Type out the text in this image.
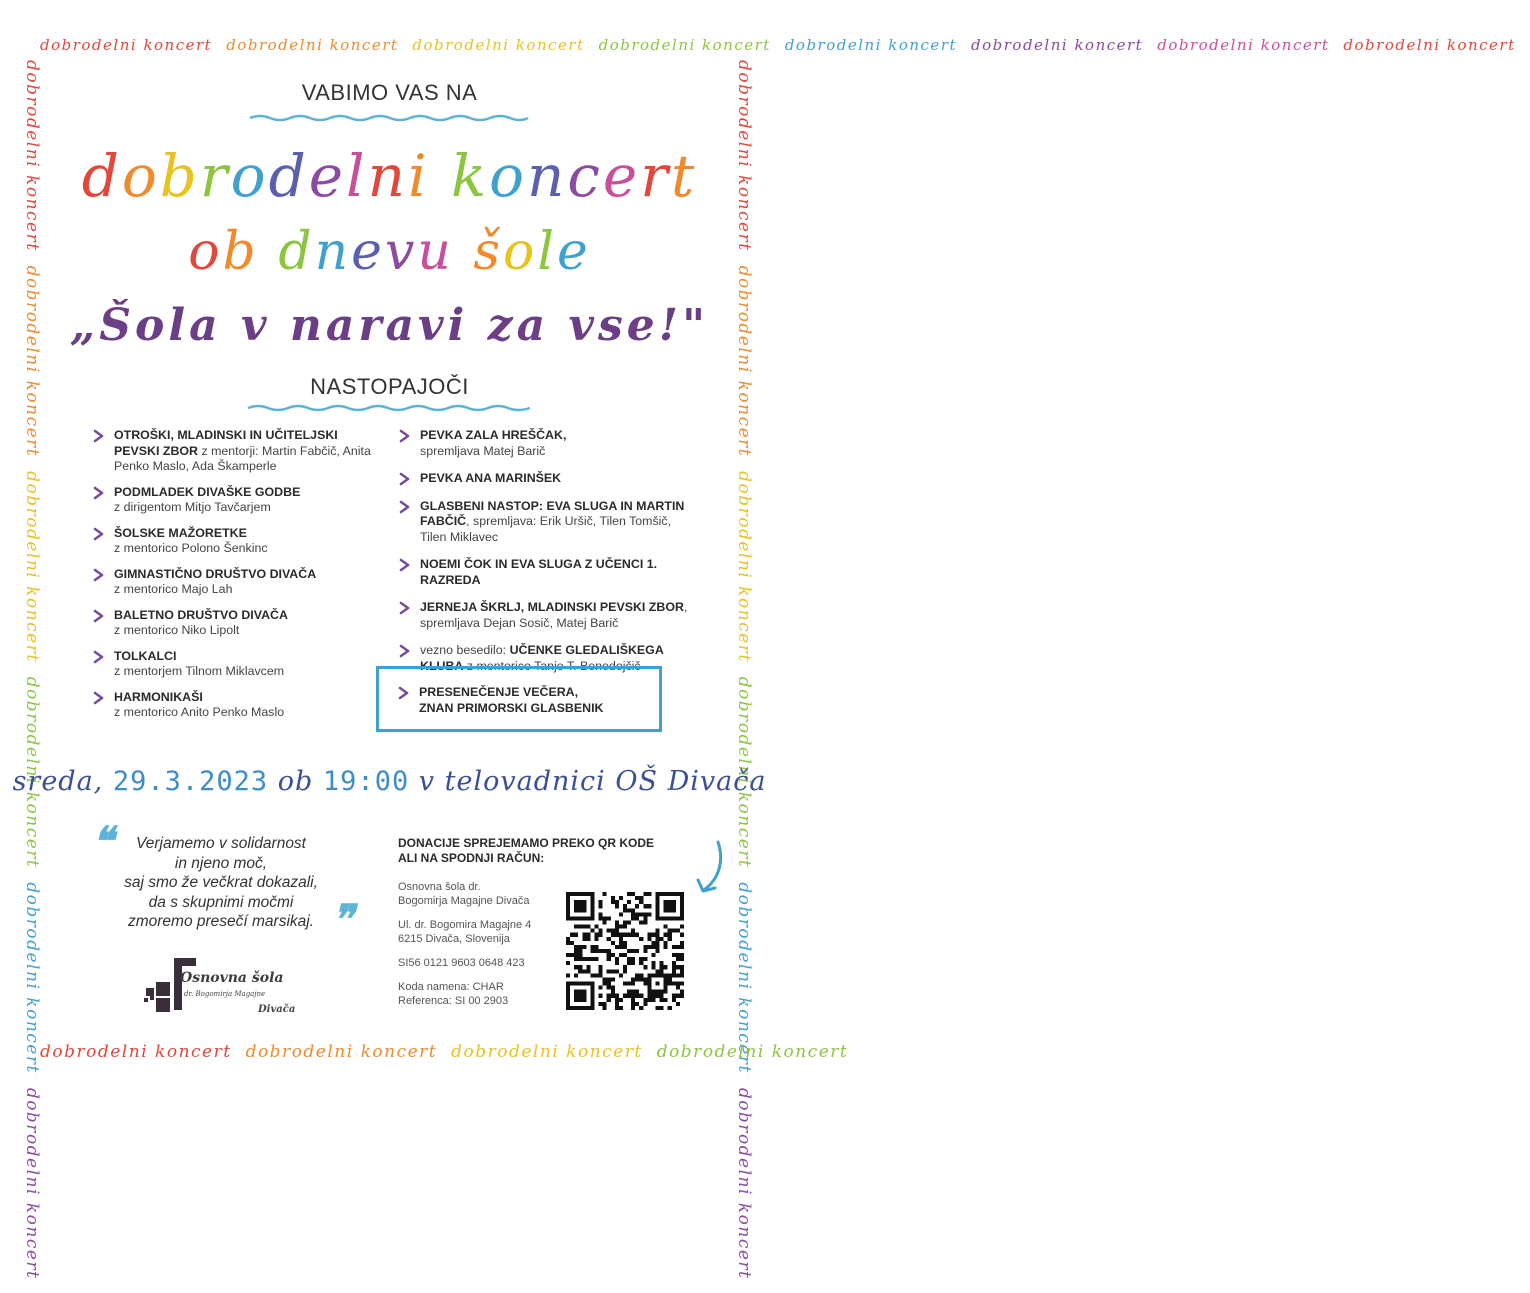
dobrodelni koncert dobrodelni koncert dobrodelni koncert dobrodelni koncert dobrodelni koncert dobrodelni koncert dobrodelni koncert dobrodelni koncert
dobrodelni koncertdobrodelni koncertdobrodelni koncertdobrodelni koncertdobrodelni koncertdobrodelni koncert
dobrodelni koncertdobrodelni koncertdobrodelni koncertdobrodelni koncertdobrodelni koncertdobrodelni koncert
dobrodelni koncert dobrodelni koncert dobrodelni koncert dobrodelni koncert
VABIMO VAS NA
dobrodelni koncert
ob dnevu šole
„Šola v naravi za vse!"
NASTOPAJOČI
OTROŠKI, MLADINSKI IN UČITELJSKI PEVSKI ZBOR z mentorji: Martin Fabčič, Anita Penko Maslo, Ada Škamperle
PODMLADEK DIVAŠKE GODBE
z dirigentom Mitjo Tavčarjem
ŠOLSKE MAŽORETKE
z mentorico Polono Šenkinc
GIMNASTIČNO DRUŠTVO DIVAČA
z mentorico Majo Lah
BALETNO DRUŠTVO DIVAČA
z mentorico Niko Lipolt
TOLKALCI
z mentorjem Tilnom Miklavcem
HARMONIKAŠI
z mentorico Anito Penko Maslo
PEVKA ZALA HREŠČAK,
spremljava Matej Barič
PEVKA ANA MARINŠEK
GLASBENI NASTOP: EVA SLUGA IN MARTIN FABČIČ, spremljava: Erik Uršič, Tilen Tomšič, Tilen Miklavec
NOEMI ČOK IN EVA SLUGA Z UČENCI 1. RAZREDA
JERNEJA ŠKRLJ, MLADINSKI PEVSKI ZBOR, spremljava Dejan Sosič, Matej Barič
vezno besedilo: UČENKE GLEDALIŠKEGA KLUBA z mentorico Tanjo T. Benedejčič
PRESENEČENJE VEČERA,
ZNAN PRIMORSKI GLASBENIK
sreda, 29.3.2023 ob 19:00 v telovadnici OŠ Divača
❝	Verjamemo v solidarnost
in njeno moč,
saj smo že večkrat dokazali,
da s skupnimi močmi
zmoremo presečí marsikaj. ❞
Osnovna šola
dr. Bogomirja Magajne
Divača
DONACIJE SPREJEMAMO PREKO QR KODE
ALI NA SPODNJI RAČUN:
Osnovna šola dr.
Bogomirja Magajne Divača
Ul. dr. Bogomira Magajne 4
6215 Divača, Slovenija
SI56 0121 9603 0648 423
Koda namena: CHAR
Referenca: SI 00 2903
